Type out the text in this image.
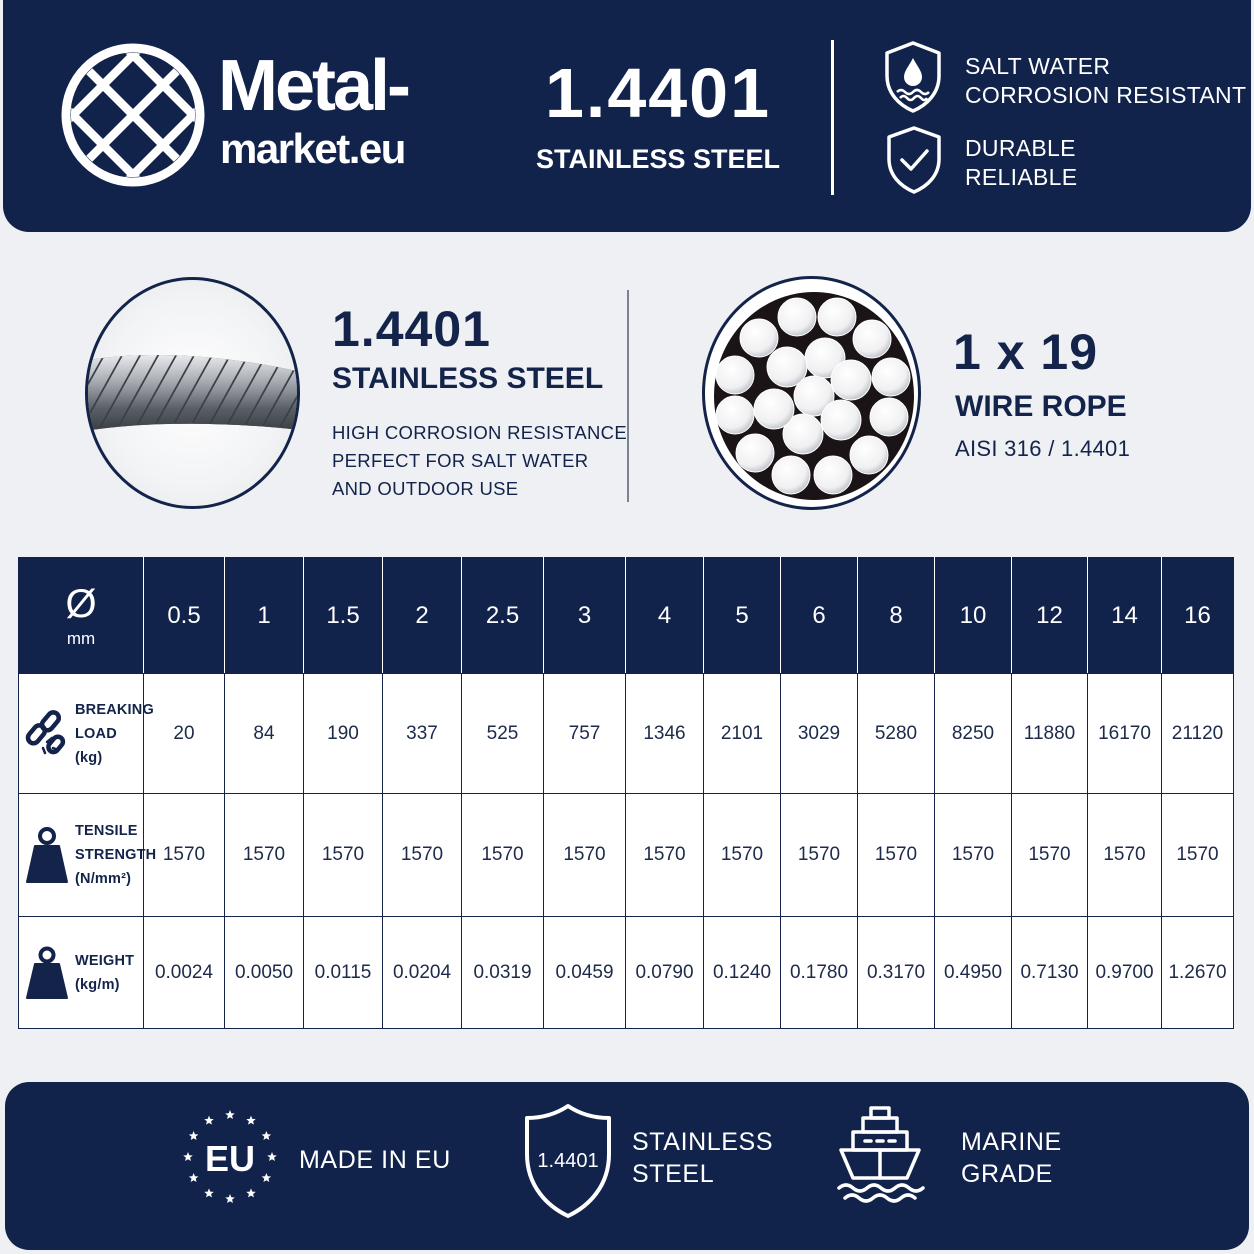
Metal-
market.eu
1.4401
STAINLESS STEEL
SALT WATER
CORROSION RESISTANT
DURABLE
RELIABLE
1.4401
STAINLESS STEEL
HIGH CORROSION RESISTANCE
PERFECT FOR SALT WATER
AND OUTDOOR USE
1 x 19
WIRE ROPE
AISI 316 / 1.4401
Ø
mm	0.5	1	1.5	2	2.5	3	4	5	6	8	10	12	14	16

BREAKING
LOAD
(kg)	20	84	190	337	525	757	1346	2101	3029	5280	8250	11880	16170	21120

TENSILE
STRENGTH
(N/mm²)	1570	1570	1570	1570	1570	1570	1570	1570	1570	1570	1570	1570	1570	1570

WEIGHT
(kg/m)	0.0024	0.0050	0.0115	0.0204	0.0319	0.0459	0.0790	0.1240	0.1780	0.3170	0.4950	0.7130	0.9700	1.2670
EU MADE IN EU	1.4401
STAINLESS
STEEL
MARINE
GRADE
